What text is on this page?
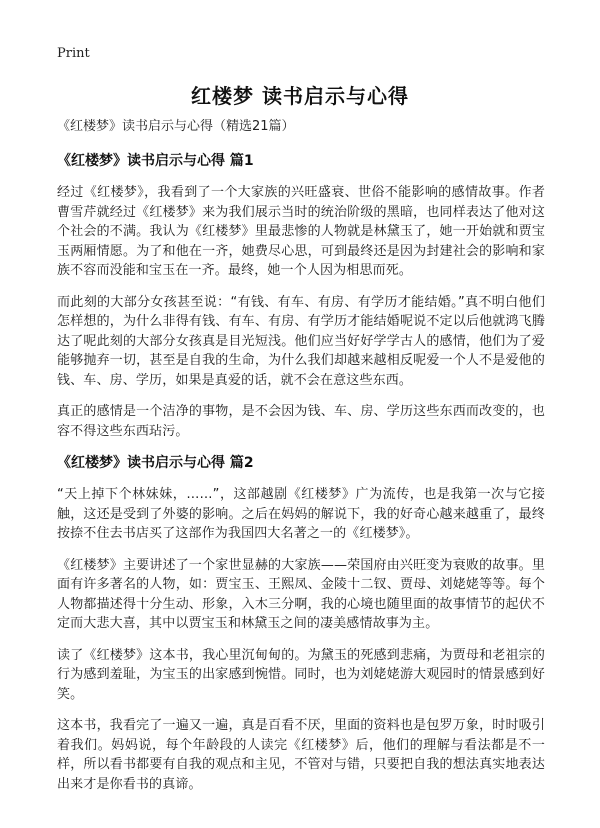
Print
红楼梦 读书启示与心得
《红楼梦》读书启示与心得（精选21篇）
《红楼梦》读书启示与心得 篇1

经过《红楼梦》，我看到了一个大家族的兴旺盛衰、世俗不能影响的感情故事。作者曹雪芹就经过《红楼梦》来为我们展示当时的统治阶级的黑暗，也同样表达了他对这个社会的不满。我认为《红楼梦》里最悲惨的人物就是林黛玉了，她一开始就和贾宝玉两厢情愿。为了和他在一齐，她费尽心思，可到最终还是因为封建社会的影响和家族不容而没能和宝玉在一齐。最终，她一个人因为相思而死。

而此刻的大部分女孩甚至说：“有钱、有车、有房、有学历才能结婚。”真不明白他们怎样想的，为什么非得有钱、有车、有房、有学历才能结婚呢说不定以后他就鸿飞腾达了呢此刻的大部分女孩真是目光短浅。他们应当好好学学古人的感情，他们为了爱能够抛弃一切，甚至是自我的生命，为什么我们却越来越相反呢爱一个人不是爱他的钱、车、房、学历，如果是真爱的话，就不会在意这些东西。

真正的感情是一个洁净的事物，是不会因为钱、车、房、学历这些东西而改变的，也容不得这些东西玷污。

《红楼梦》读书启示与心得 篇2

“天上掉下个林妹妹，……”，这部越剧《红楼梦》广为流传，也是我第一次与它接触，这还是受到了外婆的影响。之后在妈妈的解说下，我的好奇心越来越重了，最终按捺不住去书店买了这部作为我国四大名著之一的《红楼梦》。

《红楼梦》主要讲述了一个家世显赫的大家族——荣国府由兴旺变为衰败的故事。里面有许多著名的人物，如：贾宝玉、王熙凤、金陵十二钗、贾母、刘姥姥等等。每个人物都描述得十分生动、形象，入木三分啊，我的心境也随里面的故事情节的起伏不定而大悲大喜，其中以贾宝玉和林黛玉之间的凄美感情故事为主。

读了《红楼梦》这本书，我心里沉甸甸的。为黛玉的死感到悲痛，为贾母和老祖宗的行为感到羞耻，为宝玉的出家感到惋惜。同时，也为刘姥姥游大观园时的情景感到好笑。

这本书，我看完了一遍又一遍，真是百看不厌，里面的资料也是包罗万象，时时吸引着我们。妈妈说，每个年龄段的人读完《红楼梦》后，他们的理解与看法都是不一样，所以看书都要有自我的观点和主见，不管对与错，只要把自我的想法真实地表达出来才是你看书的真谛。
